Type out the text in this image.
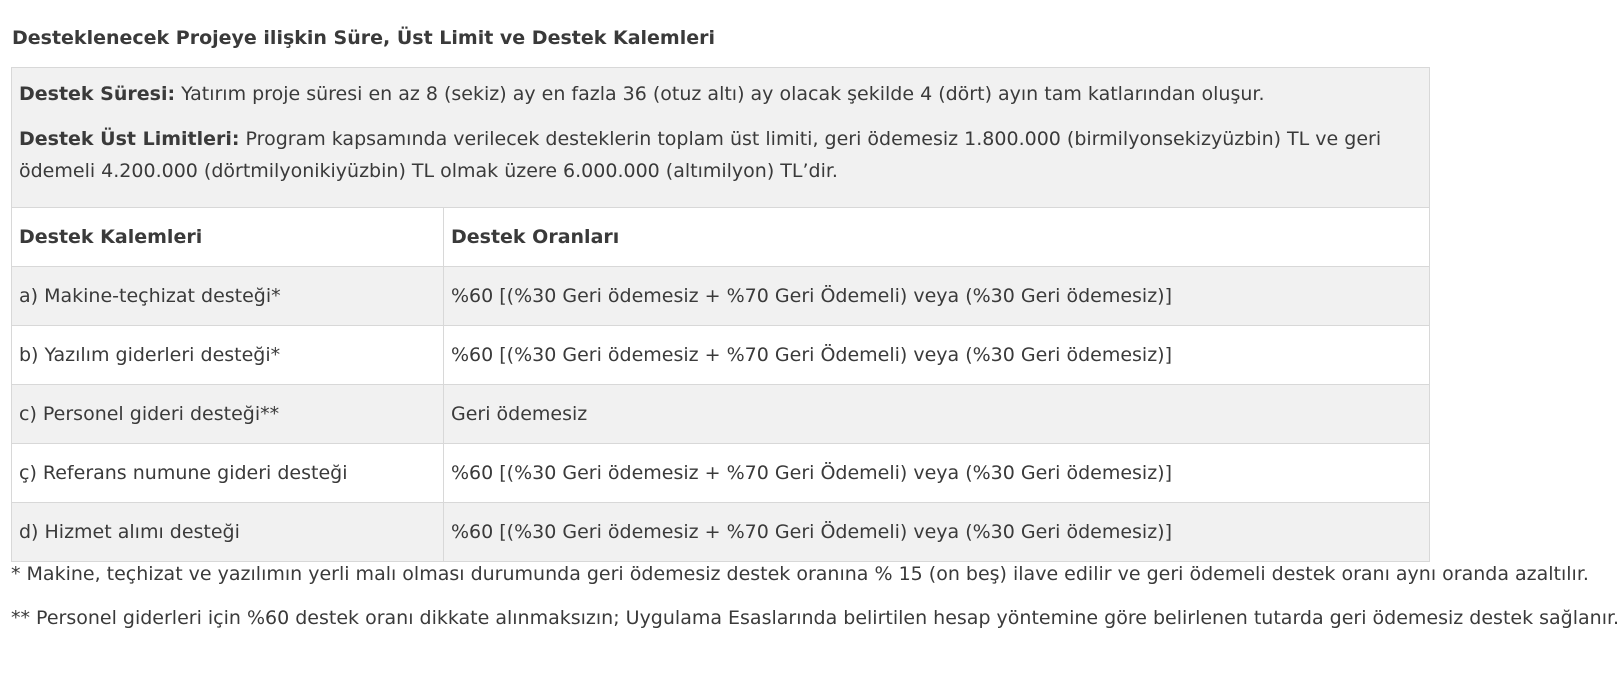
Desteklenecek Projeye ilişkin Süre, Üst Limit ve Destek Kalemleri

Destek Süresi: Yatırım proje süresi en az 8 (sekiz) ay en fazla 36 (otuz altı) ay olacak şekilde 4 (dört) ayın tam katlarından oluşur.

Destek Üst Limitleri: Program kapsamında verilecek desteklerin toplam üst limiti, geri ödemesiz 1.800.000 (birmilyonsekizyüzbin) TL ve geri ödemeli 4.200.000 (dörtmilyonikiyüzbin) TL olmak üzere 6.000.000 (altımilyon) TL’dir.	

Destek Kalemleri	Destek Oranları
a) Makine-teçhizat desteği*	%60 [(%30 Geri ödemesiz + %70 Geri Ödemeli) veya (%30 Geri ödemesiz)]
b) Yazılım giderleri desteği*	%60 [(%30 Geri ödemesiz + %70 Geri Ödemeli) veya (%30 Geri ödemesiz)]
c) Personel gideri desteği**	Geri ödemesiz
ç) Referans numune gideri desteği	%60 [(%30 Geri ödemesiz + %70 Geri Ödemeli) veya (%30 Geri ödemesiz)]
d) Hizmet alımı desteği	%60 [(%30 Geri ödemesiz + %70 Geri Ödemeli) veya (%30 Geri ödemesiz)]

* Makine, teçhizat ve yazılımın yerli malı olması durumunda geri ödemesiz destek oranına % 15 (on beş) ilave edilir ve geri ödemeli destek oranı aynı oranda azaltılır.

** Personel giderleri için %60 destek oranı dikkate alınmaksızın; Uygulama Esaslarında belirtilen hesap yöntemine göre belirlenen tutarda geri ödemesiz destek sağlanır.
